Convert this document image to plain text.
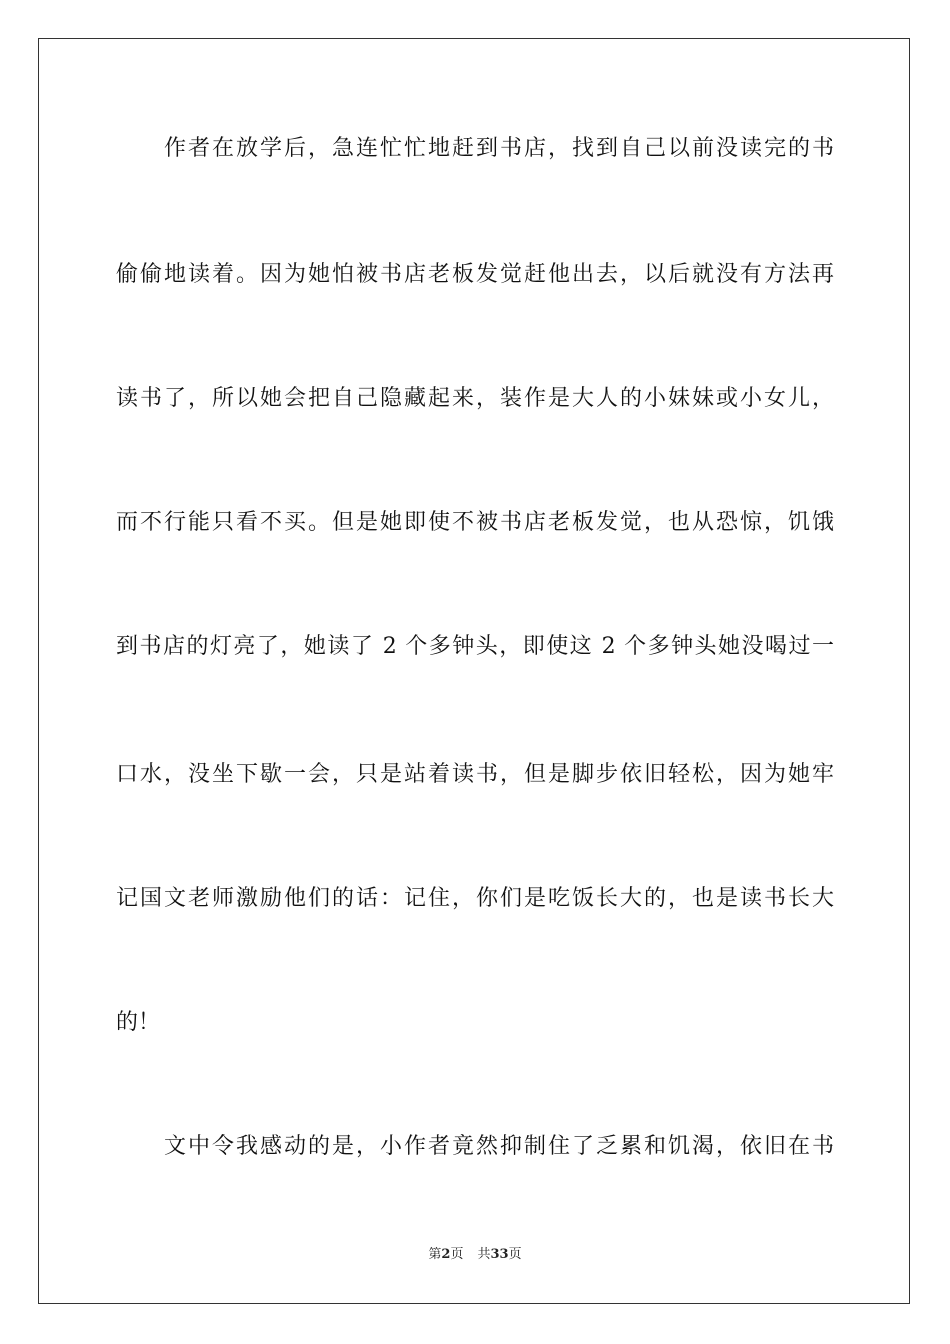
作者在放学后，急连忙忙地赶到书店，找到自己以前没读完的书
偷偷地读着。因为她怕被书店老板发觉赶他出去，以后就没有方法再
读书了，所以她会把自己隐藏起来，装作是大人的小妹妹或小女儿，
而不行能只看不买。但是她即使不被书店老板发觉，也从恐惊，饥饿
到书店的灯亮了，她读了 2 个多钟头，即使这 2 个多钟头她没喝过一
口水，没坐下歇一会，只是站着读书，但是脚步依旧轻松，因为她牢
记国文老师激励他们的话：记住，你们是吃饭长大的，也是读书长大
的！
文中令我感动的是，小作者竟然抑制住了乏累和饥渴，依旧在书
第2页 共33页
